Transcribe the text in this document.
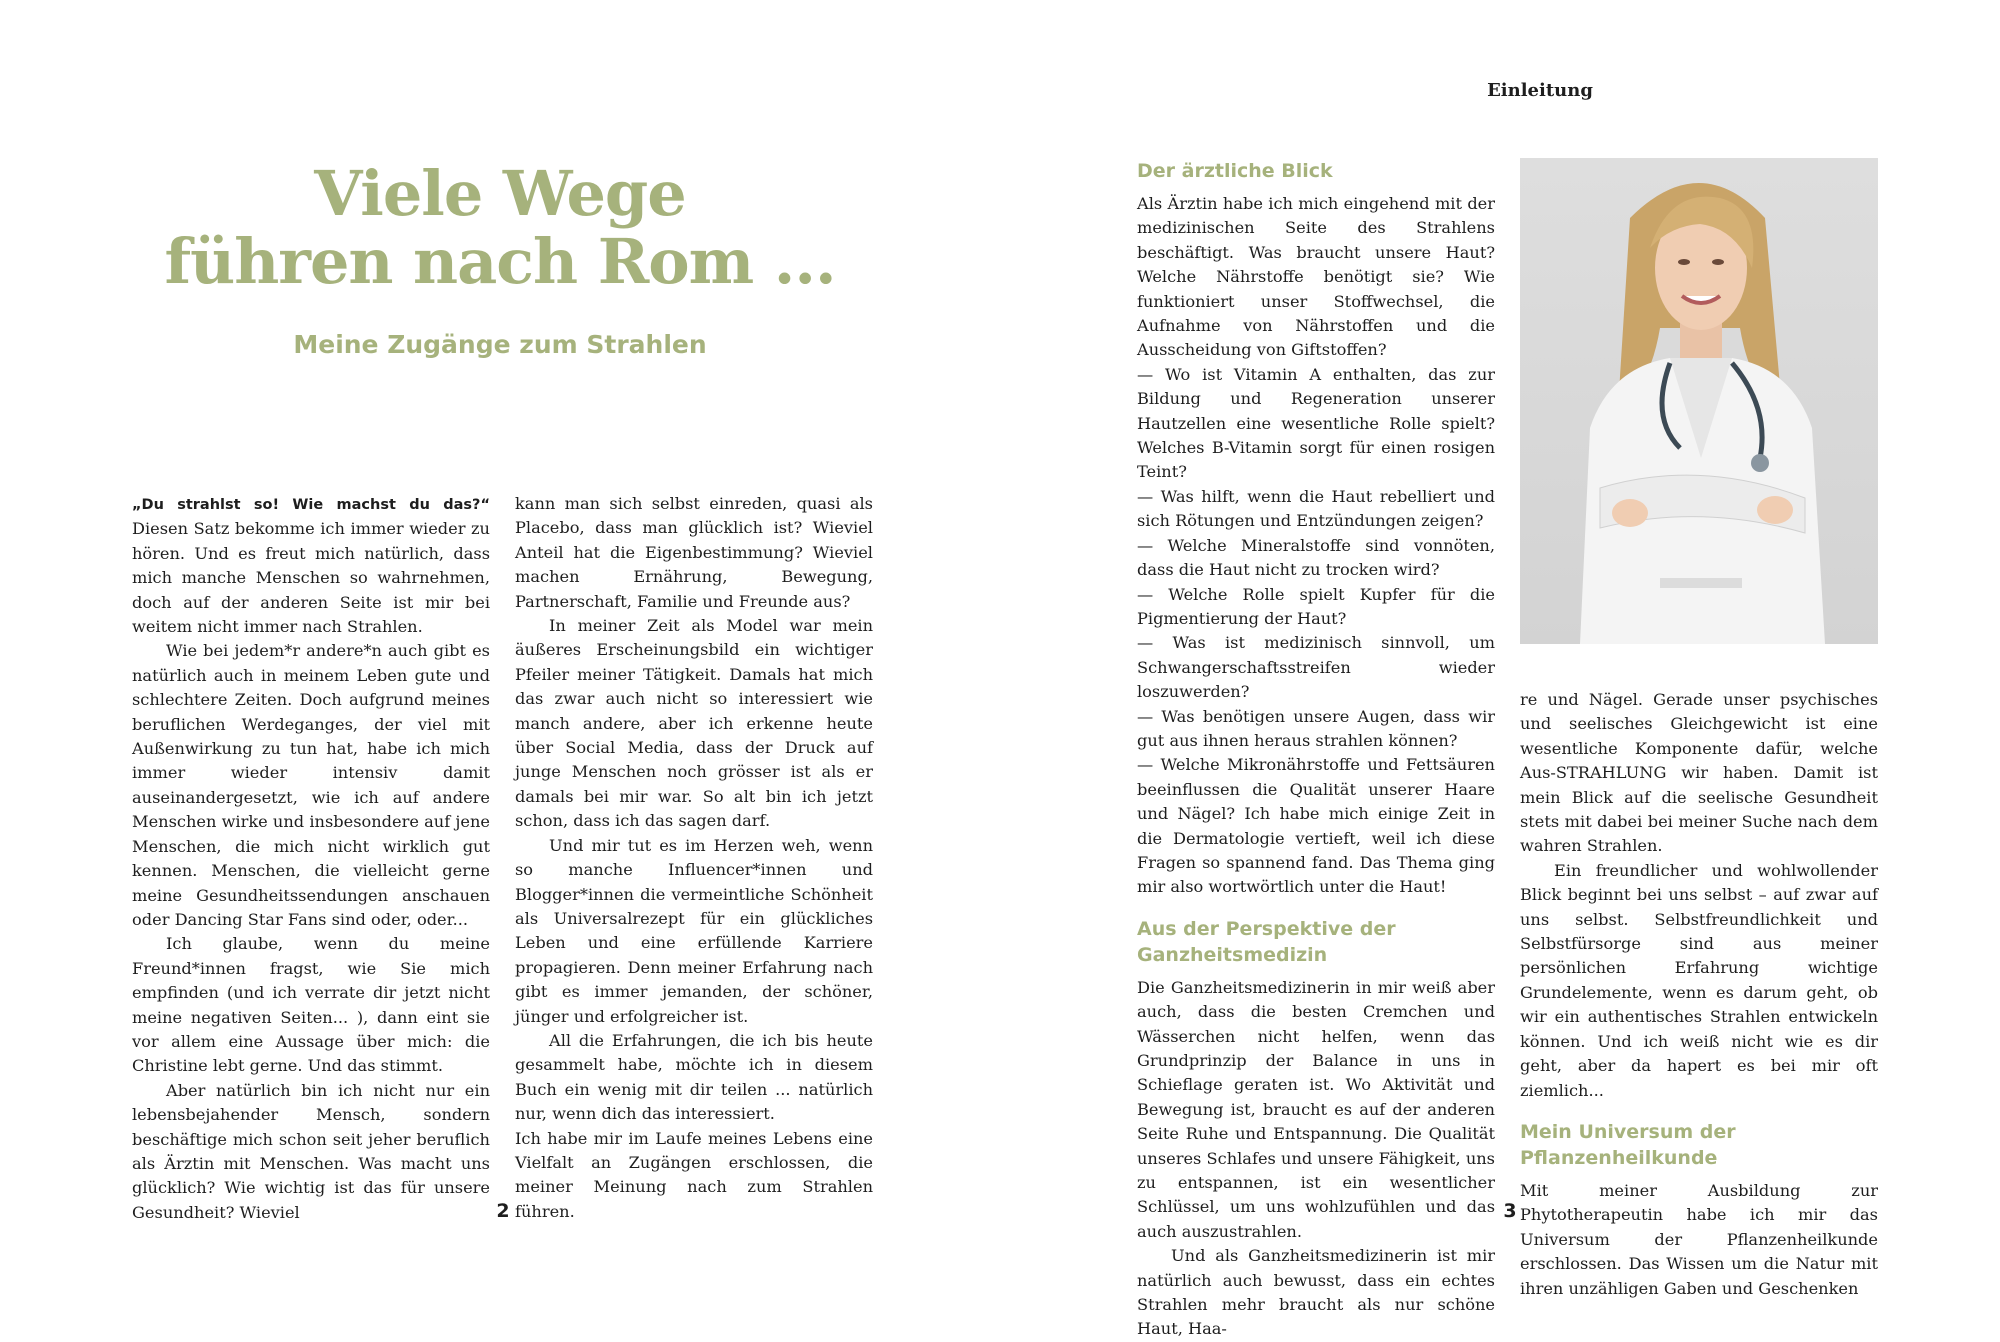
Viele Wege
führen nach Rom ...
Meine Zugänge zum Strahlen

„Du strahlst so! Wie machst du das?“ Diesen Satz bekomme ich immer wieder zu hören. Und es freut mich natürlich, dass mich manche Menschen so wahrnehmen, doch auf der anderen Seite ist mir bei weitem nicht immer nach Strahlen.

Wie bei jedem*r andere*n auch gibt es natürlich auch in meinem Leben gute und schlechtere Zeiten. Doch aufgrund meines beruflichen Werdeganges, der viel mit Außenwirkung zu tun hat, habe ich mich immer wieder intensiv damit auseinandergesetzt, wie ich auf andere Menschen wirke und insbesondere auf jene Menschen, die mich nicht wirklich gut kennen. Menschen, die vielleicht gerne meine Gesundheitssendungen anschauen oder Dancing Star Fans sind oder, oder...

Ich glaube, wenn du meine Freund*innen fragst, wie Sie mich empfinden (und ich verrate dir jetzt nicht meine negativen Seiten... ), dann eint sie vor allem eine Aussage über mich: die Christine lebt gerne. Und das stimmt.

Aber natürlich bin ich nicht nur ein lebensbejahender Mensch, sondern beschäftige mich schon seit jeher beruflich als Ärztin mit Menschen. Was macht uns glücklich? Wie wichtig ist das für unsere Gesundheit? Wieviel

kann man sich selbst einreden, quasi als Placebo, dass man glücklich ist? Wieviel Anteil hat die Eigenbestimmung? Wieviel machen Ernährung, Bewegung, Partnerschaft, Familie und Freunde aus?

In meiner Zeit als Model war mein äußeres Erscheinungsbild ein wichtiger Pfeiler meiner Tätigkeit. Damals hat mich das zwar auch nicht so interessiert wie manch andere, aber ich erkenne heute über Social Media, dass der Druck auf junge Menschen noch grösser ist als er damals bei mir war. So alt bin ich jetzt schon, dass ich das sagen darf.

Und mir tut es im Herzen weh, wenn so manche Influencer*innen und Blogger*innen die vermeintliche Schönheit als Universalrezept für ein glückliches Leben und eine erfüllende Karriere propagieren. Denn meiner Erfahrung nach gibt es immer jemanden, der schöner, jünger und erfolgreicher ist.

All die Erfahrungen, die ich bis heute gesammelt habe, möchte ich in diesem Buch ein wenig mit dir teilen ... natürlich nur, wenn dich das interessiert.

Ich habe mir im Laufe meines Lebens eine Vielfalt an Zugängen erschlossen, die meiner Meinung nach zum Strahlen führen.

2
Einleitung
Der ärztliche Blick

Als Ärztin habe ich mich eingehend mit der medizinischen Seite des Strahlens beschäftigt. Was braucht unsere Haut? Welche Nährstoffe benötigt sie? Wie funktioniert unser Stoffwechsel, die Aufnahme von Nährstoffen und die Ausscheidung von Giftstoffen?

— Wo ist Vitamin A enthalten, das zur Bildung und Regeneration unserer Hautzellen eine wesentliche Rolle spielt? Welches B-Vitamin sorgt für einen rosigen Teint?

— Was hilft, wenn die Haut rebelliert und sich Rötungen und Entzündungen zeigen?

— Welche Mineralstoffe sind vonnöten, dass die Haut nicht zu trocken wird?

— Welche Rolle spielt Kupfer für die Pigmentierung der Haut?

— Was ist medizinisch sinnvoll, um Schwangerschaftsstreifen wieder loszuwerden?

— Was benötigen unsere Augen, dass wir gut aus ihnen heraus strahlen können?

— Welche Mikronährstoffe und Fettsäuren beeinflussen die Qualität unserer Haare und Nägel? Ich habe mich einige Zeit in die Dermatologie vertieft, weil ich diese Fragen so spannend fand. Das Thema ging mir also wortwörtlich unter die Haut!

Aus der Perspektive der Ganzheitsmedizin

Die Ganzheitsmedizinerin in mir weiß aber auch, dass die besten Cremchen und Wässerchen nicht helfen, wenn das Grundprinzip der Balance in uns in Schieflage geraten ist. Wo Aktivität und Bewegung ist, braucht es auf der anderen Seite Ruhe und Entspannung. Die Qualität unseres Schlafes und unsere Fähigkeit, uns zu entspannen, ist ein wesentlicher Schlüssel, um uns wohlzufühlen und das auch auszustrahlen.

Und als Ganzheitsmedizinerin ist mir natürlich auch bewusst, dass ein echtes Strahlen mehr braucht als nur schöne Haut, Haa-

re und Nägel. Gerade unser psychisches und seelisches Gleichgewicht ist eine wesentliche Komponente dafür, welche Aus-STRAHLUNG wir haben. Damit ist mein Blick auf die seelische Gesundheit stets mit dabei bei meiner Suche nach dem wahren Strahlen.

Ein freundlicher und wohlwollender Blick beginnt bei uns selbst – auf zwar auf uns selbst. Selbstfreundlichkeit und Selbstfürsorge sind aus meiner persönlichen Erfahrung wichtige Grundelemente, wenn es darum geht, ob wir ein authentisches Strahlen entwickeln können. Und ich weiß nicht wie es dir geht, aber da hapert es bei mir oft ziemlich...

Mein Universum der Pflanzenheilkunde

Mit meiner Ausbildung zur Phytotherapeutin habe ich mir das Universum der Pflanzenheilkunde erschlossen. Das Wissen um die Natur mit ihren unzähligen Gaben und Geschenken

3
